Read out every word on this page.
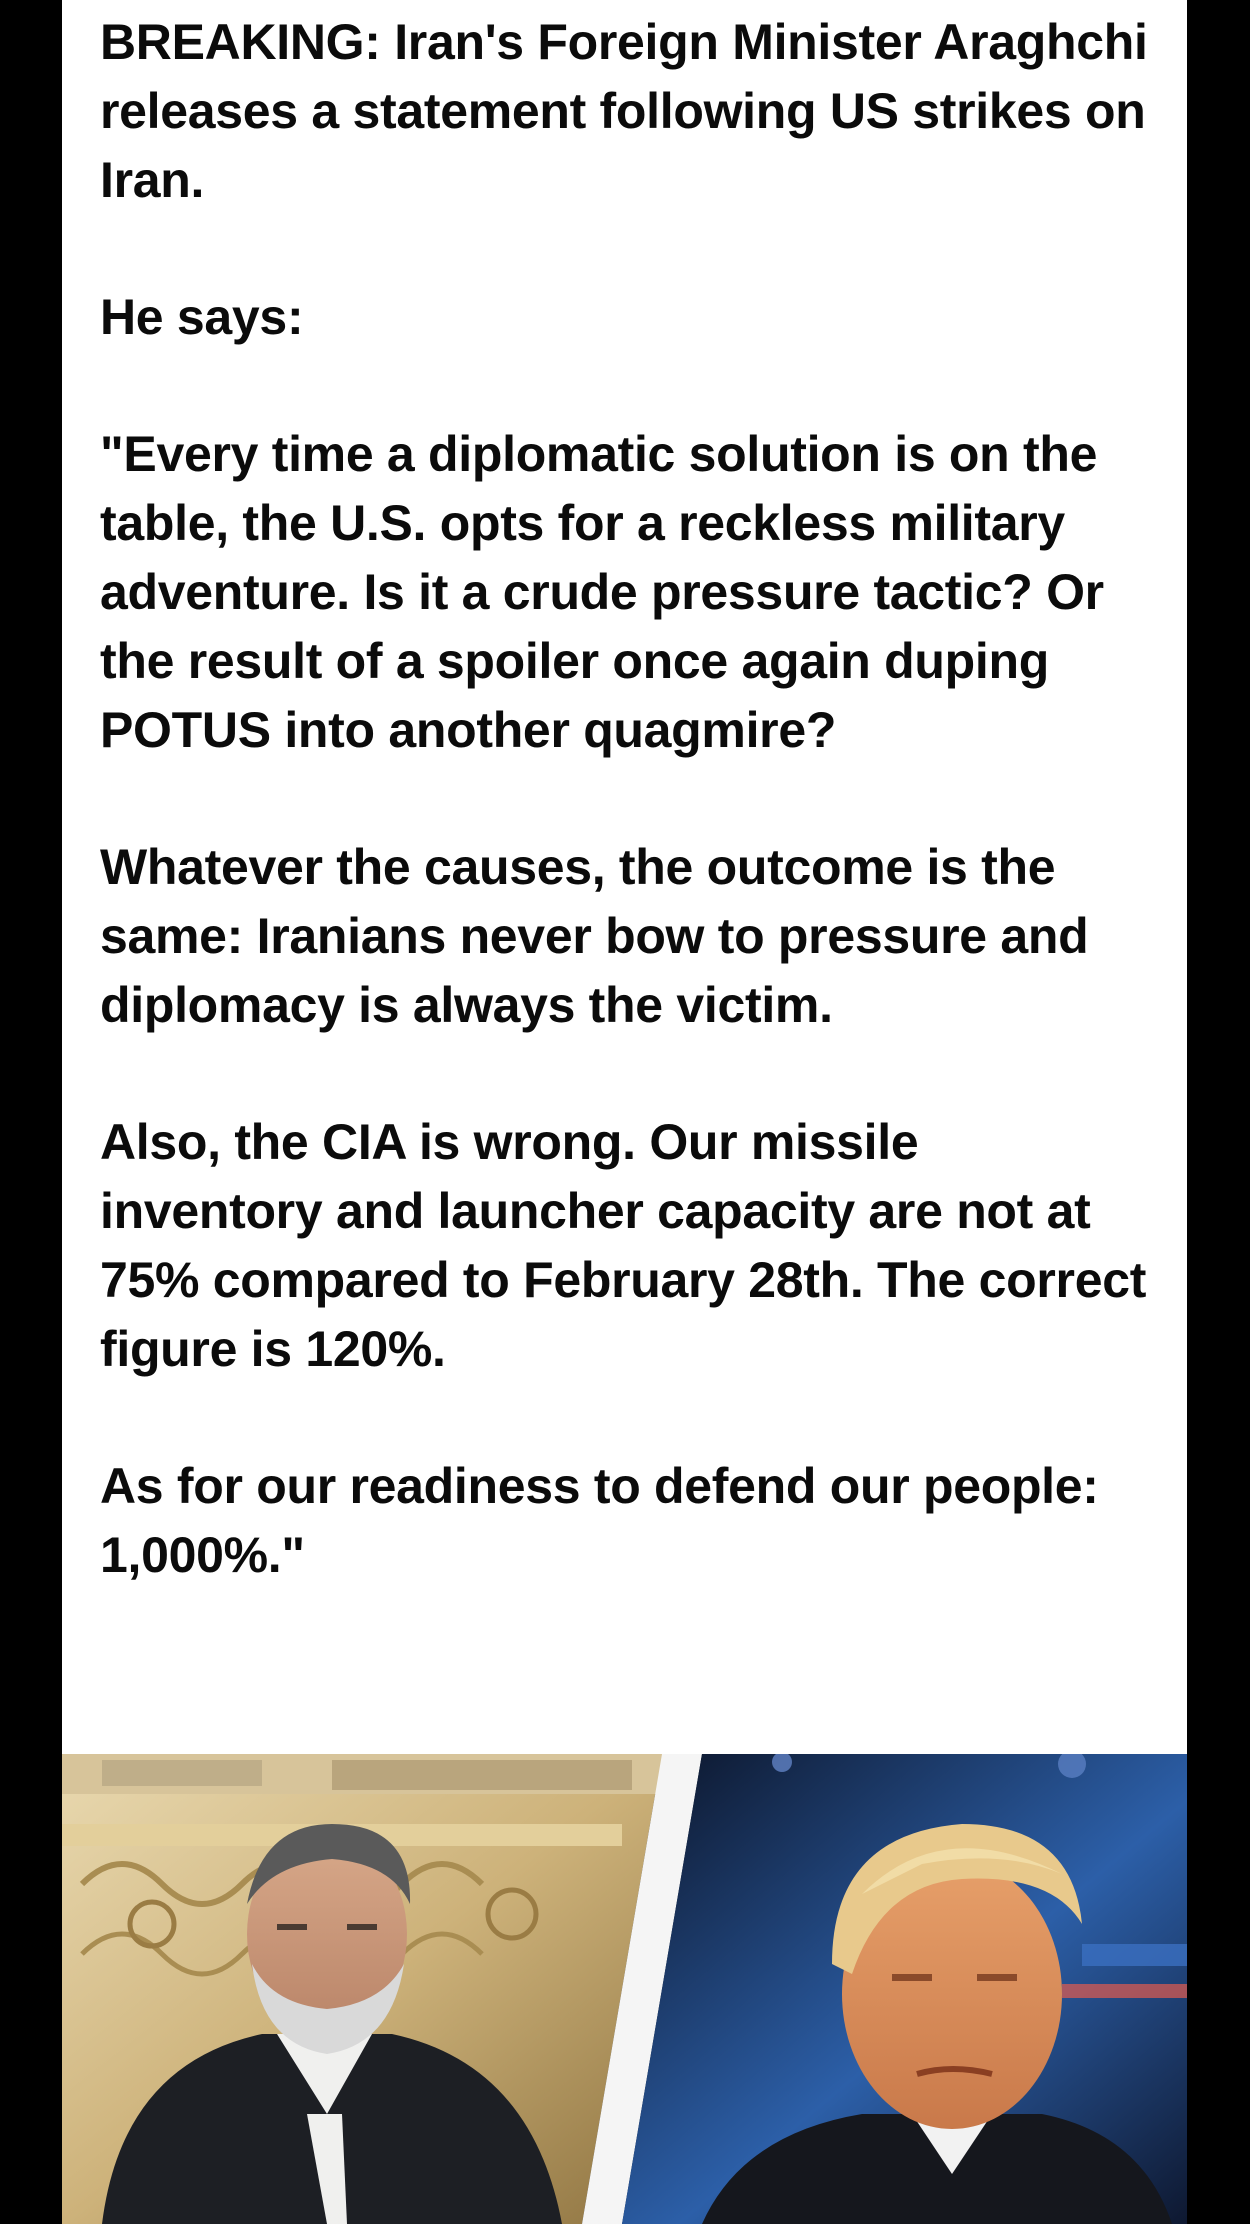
BREAKING: Iran's Foreign Minister Araghchi releases a statement following US strikes on Iran.

He says:

"Every time a diplomatic solution is on the table, the U.S. opts for a reckless military adventure. Is it a crude pressure tactic? Or the result of a spoiler once again duping POTUS into another quagmire?

Whatever the causes, the outcome is the same: Iranians never bow to pressure and diplomacy is always the victim.

Also, the CIA is wrong. Our missile inventory and launcher capacity are not at 75% compared to February 28th. The correct figure is 120%.

As for our readiness to defend our people: 1,000%."
